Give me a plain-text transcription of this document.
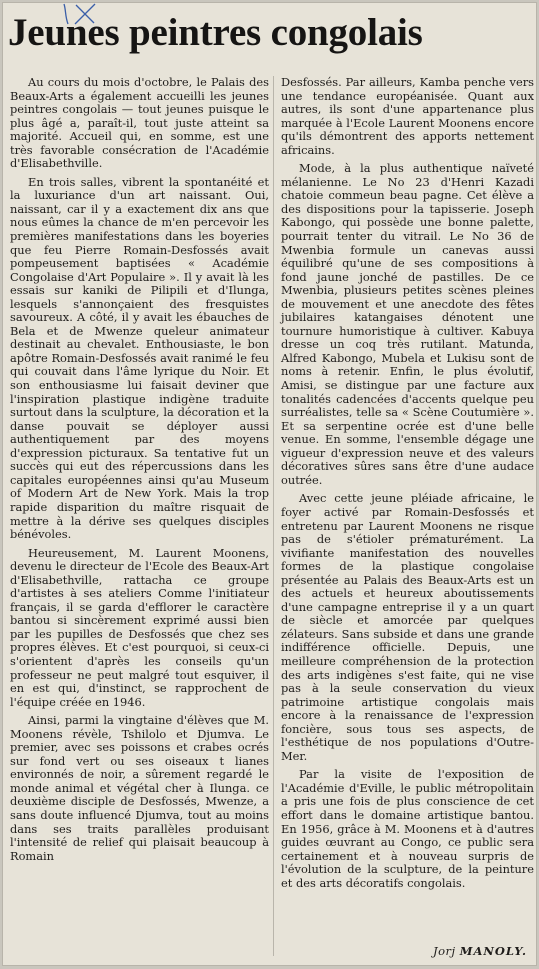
Jeunes peintres congolais

Au cours du mois d'octobre, le Palais des Beaux-Arts a également accueilli les jeunes peintres congolais — tout jeunes puisque le plus âgé a, paraît-il, tout juste atteint sa majorité. Accueil qui, en somme, est une très favorable consécration de l'Académie d'Elisabethville.

En trois salles, vibrent la spontanéité et la luxuriance d'un art naissant. Oui, naissant, car il y a exactement dix ans que nous eûmes la chance de m'en percevoir les premières manifestations dans les boyeries que feu Pierre Romain-Desfossés avait pompeusement baptisées « Académie Congolaise d'Art Populaire ». Il y avait là les essais sur kaniki de Pilipili et d'Ilunga, lesquels s'annonçaient des fresquistes savoureux. A côté, il y avait les ébauches de Bela et de Mwenze queleur animateur destinait au chevalet. Enthousiaste, le bon apôtre Romain-Desfossés avait ranimé le feu qui couvait dans l'âme lyrique du Noir. Et son enthousiasme lui faisait deviner que l'inspiration plastique indigène traduite surtout dans la sculpture, la décoration et la danse pouvait se déployer aussi authentiquement par des moyens d'expression picturaux. Sa tentative fut un succès qui eut des répercussions dans les capitales européennes ainsi qu'au Museum of Modern Art de New York. Mais la trop rapide disparition du maître risquait de mettre à la dérive ses quelques disciples bénévoles.

Heureusement, M. Laurent Moonens, devenu le directeur de l'Ecole des Beaux-Art d'Elisabethville, rattacha ce groupe d'artistes à ses ateliers Comme l'initiateur français, il se garda d'efflorer le caractère bantou si sincèrement exprimé aussi bien par les pupilles de Desfossés que chez ses propres élèves. Et c'est pourquoi, si ceux-ci s'orientent d'après les conseils qu'un professeur ne peut malgré tout esquiver, il en est qui, d'instinct, se rapprochent de l'équipe créée en 1946.

Ainsi, parmi la vingtaine d'élèves que M. Moonens révèle, Tshilolo et Djumva. Le premier, avec ses poissons et crabes ocrés sur fond vert ou ses oiseaux t lianes environnés de noir, a sûrement regardé le monde animal et végétal cher à Ilunga. ce deuxième disciple de Desfossés, Mwenze, a sans doute influencé Djumva, tout au moins dans ses traits parallèles produisant l'intensité de relief qui plaisait beaucoup à Romain

Desfossés. Par ailleurs, Kamba penche vers une tendance européanisée. Quant aux autres, ils sont d'une appartenance plus marquée à l'Ecole Laurent Moonens encore qu'ils démontrent des apports nettement africains.

Mode, à la plus authentique naïveté mélanienne. Le No 23 d'Henri Kazadi chatoie commeun beau pagne. Cet élève a des dispositions pour la tapisserie. Joseph Kabongo, qui possède une bonne palette, pourrait tenter du vitrail. Le No 36 de Mwenbia formule un canevas aussi équilibré qu'une de ses compositions à fond jaune jonché de pastilles. De ce Mwenbia, plusieurs petites scènes pleines de mouvement et une anecdote des fêtes jubilaires katangaises dénotent une tournure humoristique à cultiver. Kabuya dresse un coq très rutilant. Matunda, Alfred Kabongo, Mubela et Lukisu sont de noms à retenir. Enfin, le plus évolutif, Amisi, se distingue par une facture aux tonalités cadencées d'accents quelque peu surréalistes, telle sa « Scène Coutumière ». Et sa serpentine ocrée est d'une belle venue. En somme, l'ensemble dégage une vigueur d'expression neuve et des valeurs décoratives sûres sans être d'une audace outrée.

Avec cette jeune pléiade africaine, le foyer activé par Romain-Desfossés et entretenu par Laurent Moonens ne risque pas de s'étioler prématurément. La vivifiante manifestation des nouvelles formes de la plastique congolaise présentée au Palais des Beaux-Arts est un des actuels et heureux aboutissements d'une campagne entreprise il y a un quart de siècle et amorcée par quelques zélateurs. Sans subside et dans une grande indifférence officielle. Depuis, une meilleure compréhension de la protection des arts indigènes s'est faite, qui ne vise pas à la seule conservation du vieux patrimoine artistique congolais mais encore à la renaissance de l'expression foncière, sous tous ses aspects, de l'esthétique de nos populations d'Outre-Mer.

Par la visite de l'exposition de l'Académie d'Eville, le public métropolitain a pris une fois de plus conscience de cet effort dans le domaine artistique bantou. En 1956, grâce à M. Moonens et à d'autres guides œuvrant au Congo, ce public sera certainement et à nouveau surpris de l'évolution de la sculpture, de la peinture et des arts décoratifs congolais.

Jorj MANOLY.
